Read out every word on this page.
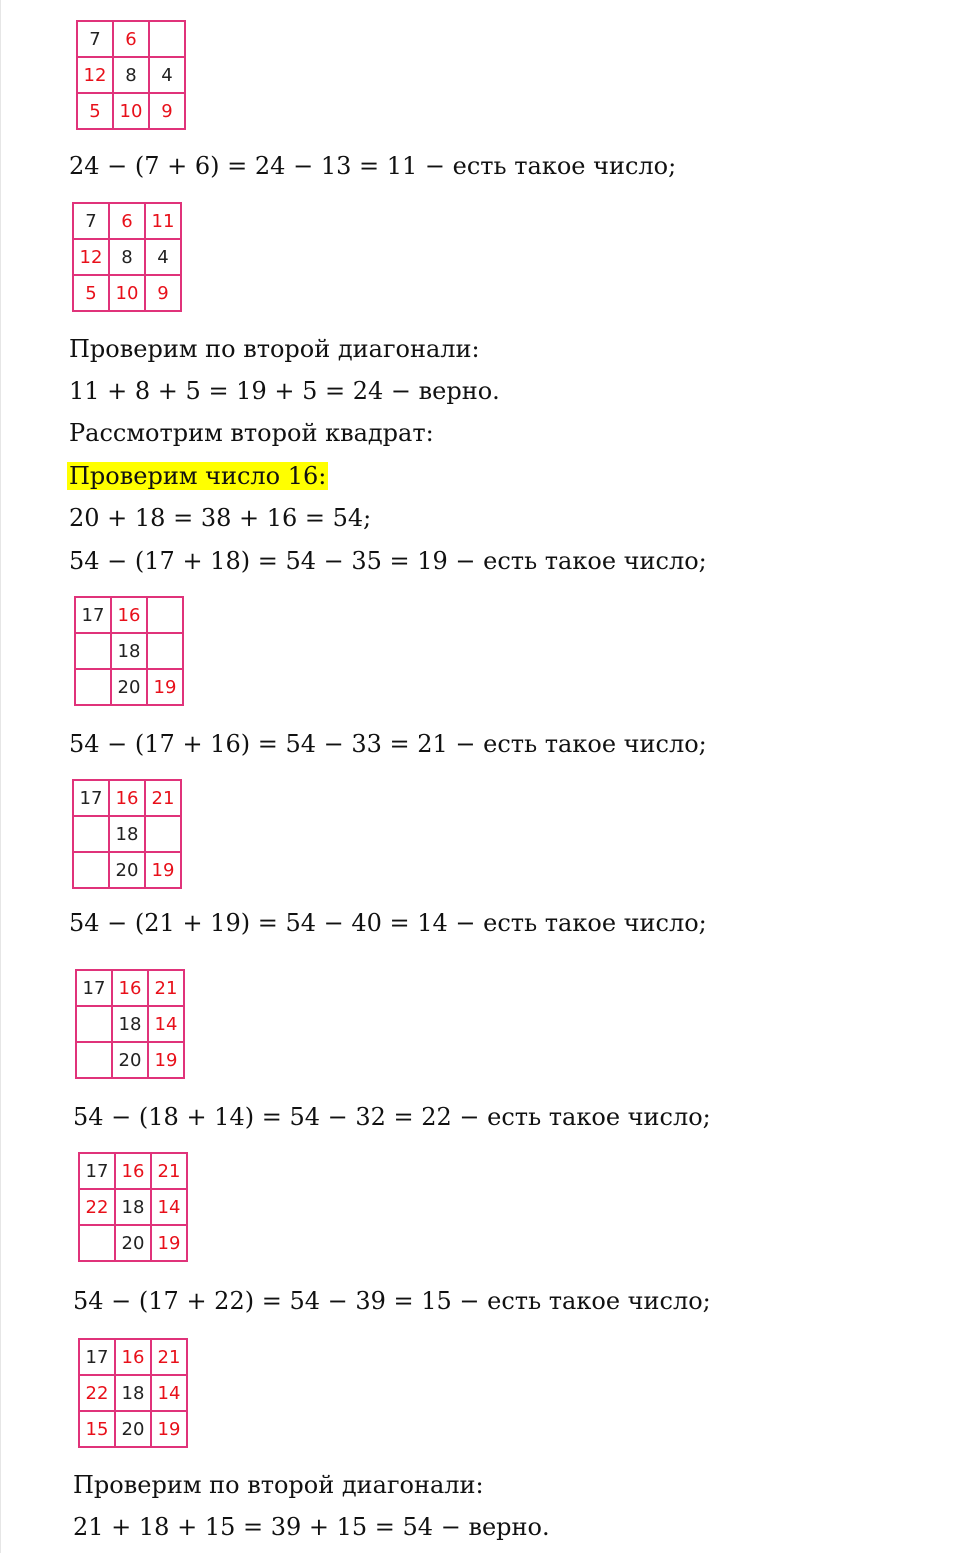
7	6	
12	8	4
5	10	9
24 − (7 + 6) = 24 − 13 = 11 − есть такое число;
7	6	11
12	8	4
5	10	9
Проверим по второй диагонали:
11 + 8 + 5 = 19 + 5 = 24 − верно.
Рассмотрим второй квадрат:
Проверим число 16:
20 + 18 = 38 + 16 = 54;
54 − (17 + 18) = 54 − 35 = 19 − есть такое число;
17	16	
	18	
	20	19
54 − (17 + 16) = 54 − 33 = 21 − есть такое число;
17	16	21
	18	
	20	19
54 − (21 + 19) = 54 − 40 = 14 − есть такое число;
17	16	21
	18	14
	20	19
54 − (18 + 14) = 54 − 32 = 22 − есть такое число;
17	16	21
22	18	14
	20	19
54 − (17 + 22) = 54 − 39 = 15 − есть такое число;
17	16	21
22	18	14
15	20	19
Проверим по второй диагонали:
21 + 18 + 15 = 39 + 15 = 54 − верно.
